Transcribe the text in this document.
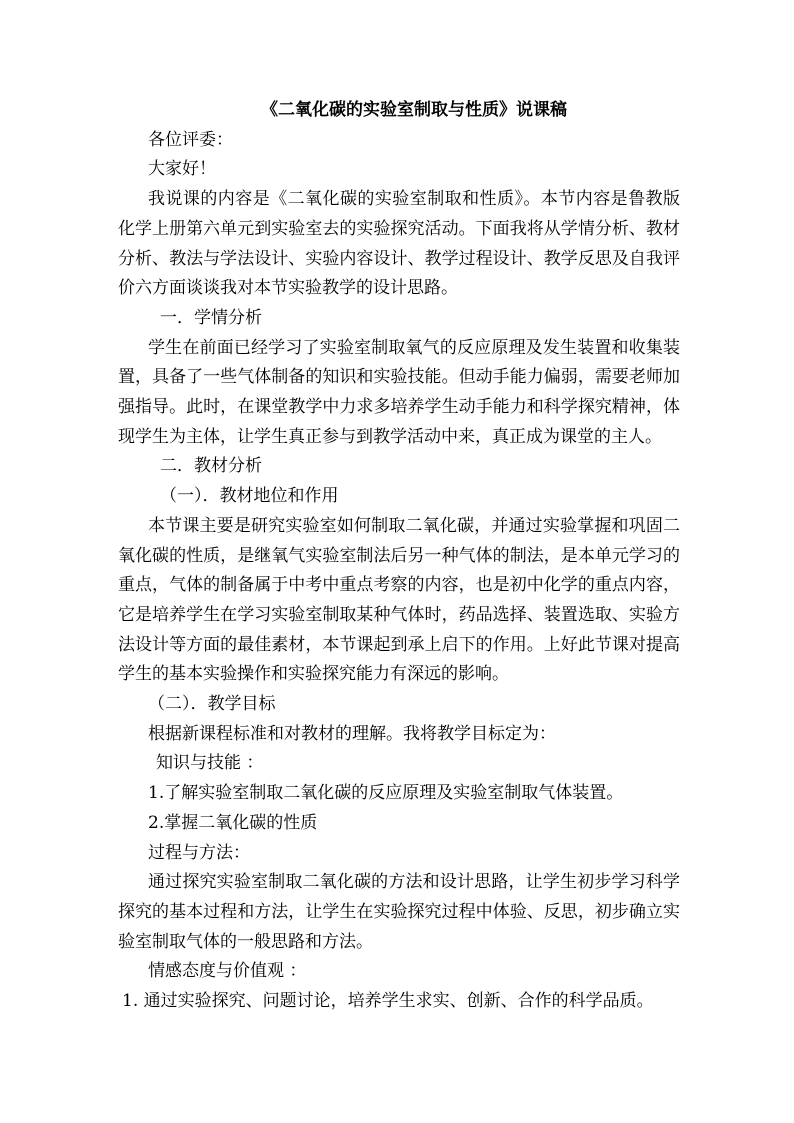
《二氧化碳的实验室制取与性质》说课稿

各位评委：

大家好！

我说课的内容是《二氧化碳的实验室制取和性质》。本节内容是鲁教版化学上册第六单元到实验室去的实验探究活动。下面我将从学情分析、教材分析、教法与学法设计、实验内容设计、教学过程设计、教学反思及自我评价六方面谈谈我对本节实验教学的设计思路。

一．学情分析

学生在前面已经学习了实验室制取氧气的反应原理及发生装置和收集装置，具备了一些气体制备的知识和实验技能。但动手能力偏弱，需要老师加强指导。此时，在课堂教学中力求多培养学生动手能力和科学探究精神，体现学生为主体，让学生真正参与到教学活动中来，真正成为课堂的主人。

二．教材分析

（一）．教材地位和作用

本节课主要是研究实验室如何制取二氧化碳，并通过实验掌握和巩固二氧化碳的性质，是继氧气实验室制法后另一种气体的制法，是本单元学习的重点，气体的制备属于中考中重点考察的内容，也是初中化学的重点内容，它是培养学生在学习实验室制取某种气体时，药品选择、装置选取、实验方法设计等方面的最佳素材，本节课起到承上启下的作用。上好此节课对提高学生的基本实验操作和实验探究能力有深远的影响。

（二）．教学目标

根据新课程标准和对教材的理解。我将教学目标定为：

知识与技能 ：

1.了解实验室制取二氧化碳的反应原理及实验室制取气体装置。

2.掌握二氧化碳的性质

过程与方法：

通过探究实验室制取二氧化碳的方法和设计思路，让学生初步学习科学探究的基本过程和方法，让学生在实验探究过程中体验、反思，初步确立实验室制取气体的一般思路和方法。

情感态度与价值观 ：

1. 通过实验探究、问题讨论，培养学生求实、创新、合作的科学品质。
